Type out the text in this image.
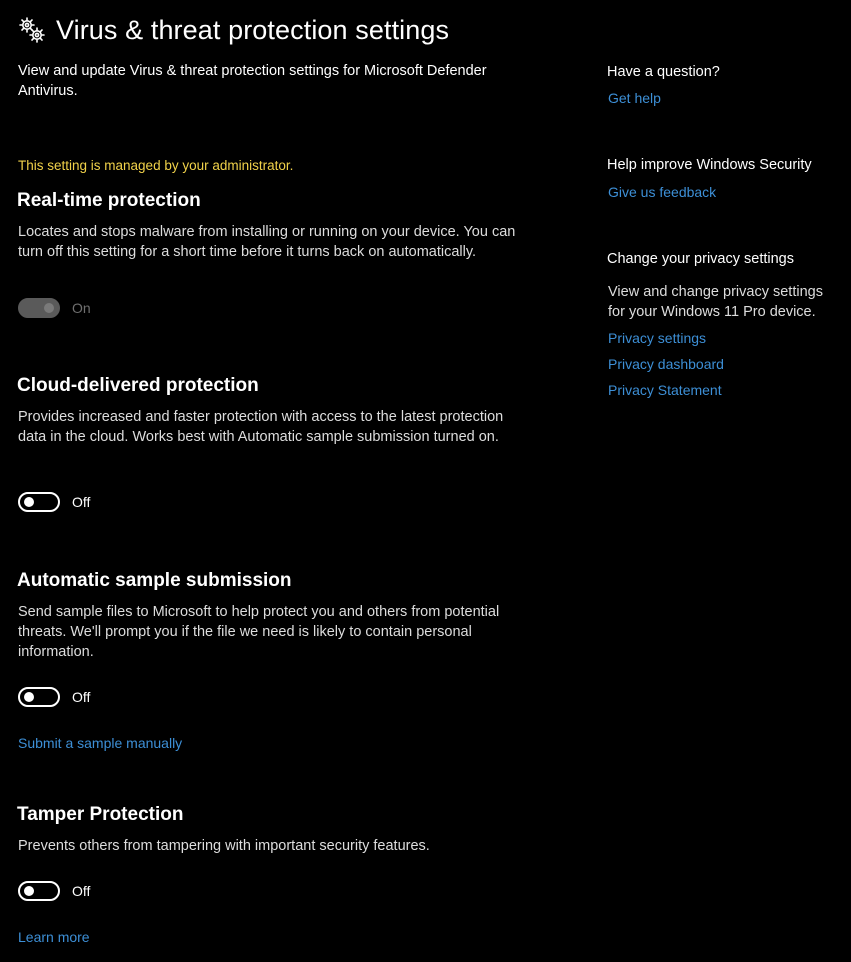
Virus & threat protection settings
View and update Virus & threat protection settings for Microsoft Defender Antivirus.
This setting is managed by your administrator.
Real-time protection
Locates and stops malware from installing or running on your device. You can turn off this setting for a short time before it turns back on automatically.
On
Cloud-delivered protection
Provides increased and faster protection with access to the latest protection data in the cloud. Works best with Automatic sample submission turned on.
Off
Automatic sample submission
Send sample files to Microsoft to help protect you and others from potential threats. We'll prompt you if the file we need is likely to contain personal information.
Off
Submit a sample manually
Tamper Protection
Prevents others from tampering with important security features.
Off
Learn more
Have a question?
Get help
Help improve Windows Security
Give us feedback
Change your privacy settings
View and change privacy settings for your Windows 11 Pro device.
Privacy settings
Privacy dashboard
Privacy Statement
